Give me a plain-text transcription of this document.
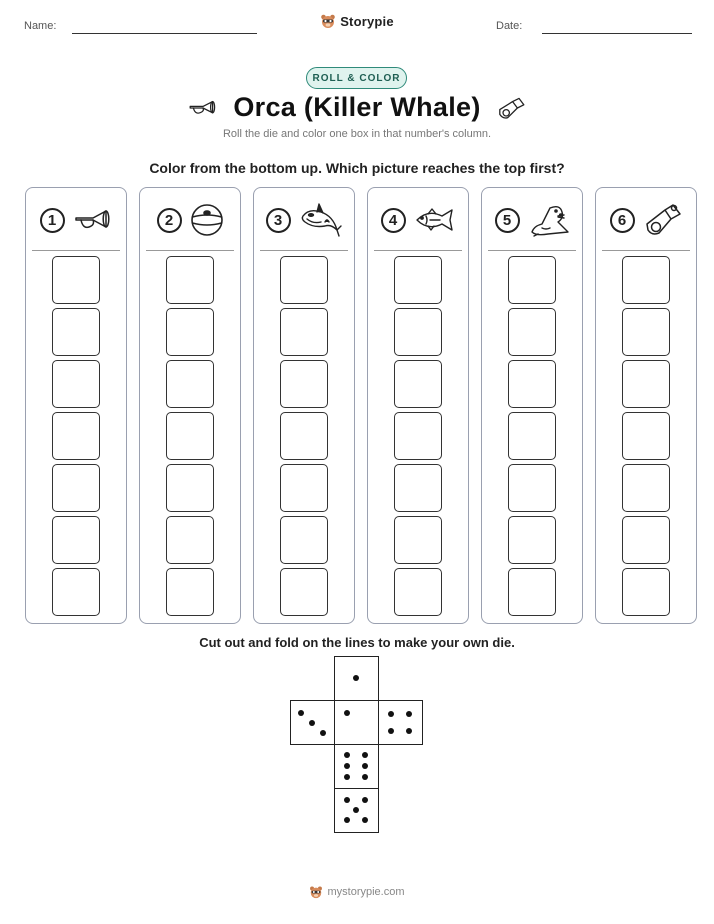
Name:	Storypie	Date:
ROLL & COLOR
Orca (Killer Whale)
Roll the die and color one box in that number's column.
Color from the bottom up. Which picture reaches the top first?
1	2	3	4	5	6
Cut out and fold on the lines to make your own die.
mystorypie.com
